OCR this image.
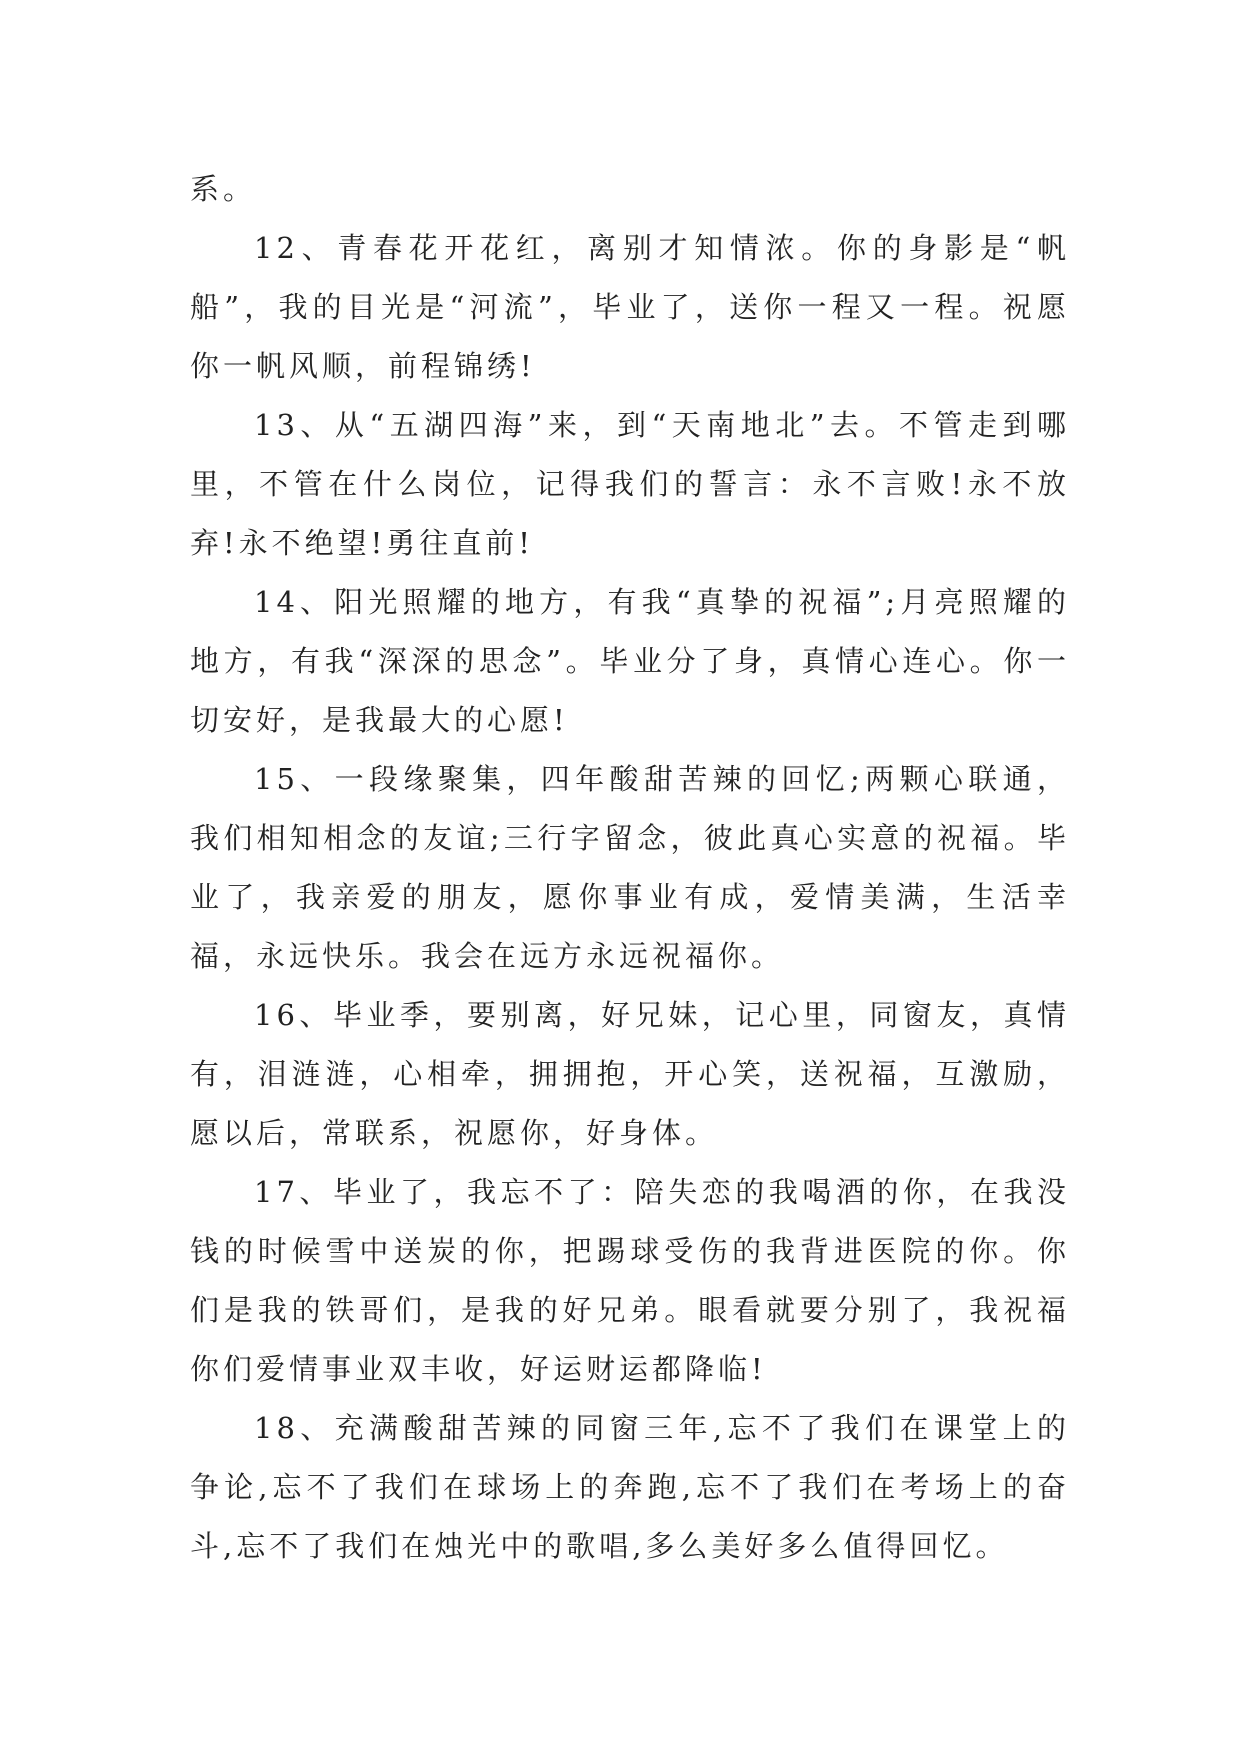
系。

12、青春花开花红，离别才知情浓。你的身影是“帆船”，我的目光是“河流”，毕业了，送你一程又一程。祝愿你一帆风顺，前程锦绣!

13、从“五湖四海”来，到“天南地北”去。不管走到哪里，不管在什么岗位，记得我们的誓言：永不言败!永不放弃!永不绝望!勇往直前!

14、阳光照耀的地方，有我“真挚的祝福”;月亮照耀的地方，有我“深深的思念”。毕业分了身，真情心连心。你一切安好，是我最大的心愿!

15、一段缘聚集，四年酸甜苦辣的回忆;两颗心联通，我们相知相念的友谊;三行字留念，彼此真心实意的祝福。毕业了，我亲爱的朋友，愿你事业有成，爱情美满，生活幸福，永远快乐。我会在远方永远祝福你。

16、毕业季，要别离，好兄妹，记心里，同窗友，真情有，泪涟涟，心相牵，拥拥抱，开心笑，送祝福，互激励，愿以后，常联系，祝愿你，好身体。

17、毕业了，我忘不了：陪失恋的我喝酒的你，在我没钱的时候雪中送炭的你，把踢球受伤的我背进医院的你。你们是我的铁哥们，是我的好兄弟。眼看就要分别了，我祝福你们爱情事业双丰收，好运财运都降临!

18、充满酸甜苦辣的同窗三年,忘不了我们在课堂上的争论,忘不了我们在球场上的奔跑,忘不了我们在考场上的奋斗,忘不了我们在烛光中的歌唱,多么美好多么值得回忆。
